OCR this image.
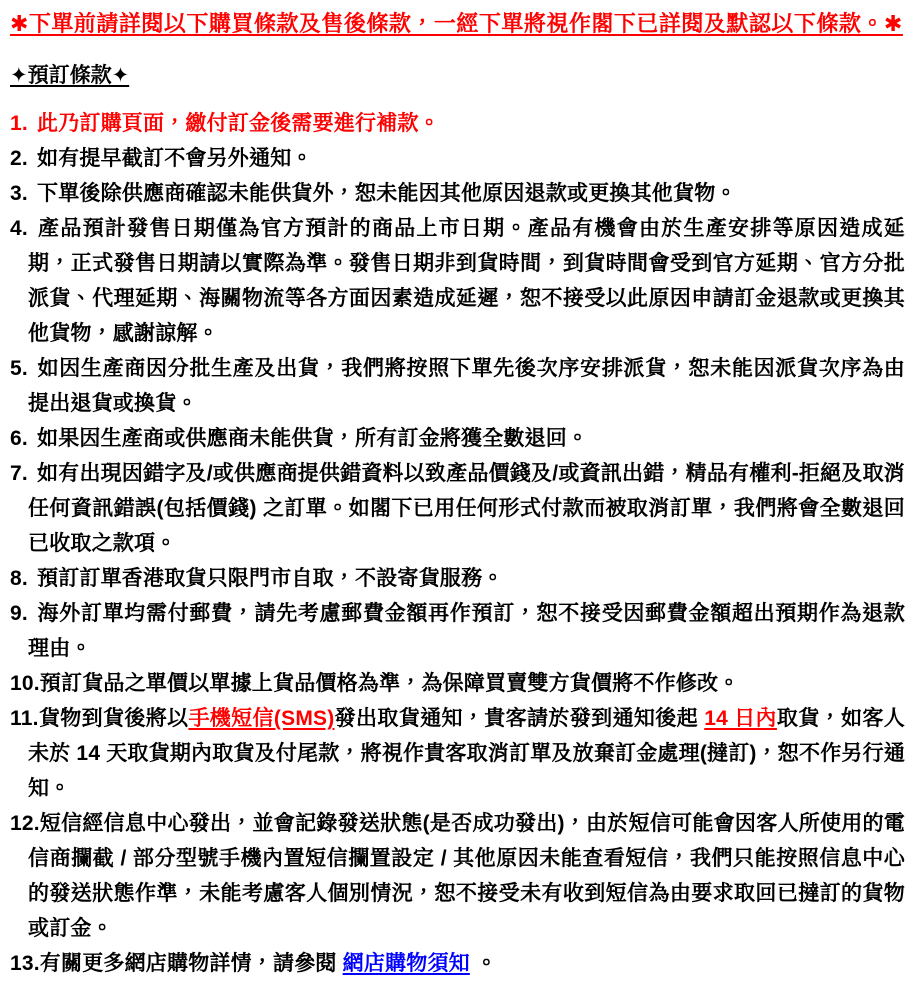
✱下單前請詳閱以下購買條款及售後條款，一經下單將視作閣下已詳閱及默認以下條款。✱
✦預訂條款✦
1. 此乃訂購頁面，繳付訂金後需要進行補款。
2. 如有提早截訂不會另外通知。
3. 下單後除供應商確認未能供貨外，恕未能因其他原因退款或更換其他貨物。
4. 產品預計發售日期僅為官方預計的商品上市日期。產品有機會由於生產安排等原因造成延期，正式發售日期請以實際為準。發售日期非到貨時間，到貨時間會受到官方延期、官方分批派貨、代理延期、海關物流等各方面因素造成延遲，恕不接受以此原因申請訂金退款或更換其他貨物，感謝諒解。
5. 如因生產商因分批生產及出貨，我們將按照下單先後次序安排派貨，恕未能因派貨次序為由提出退貨或換貨。
6. 如果因生產商或供應商未能供貨，所有訂金將獲全數退回。
7. 如有出現因錯字及/或供應商提供錯資料以致產品價錢及/或資訊出錯，精品有權利-拒絕及取消任何資訊錯誤(包括價錢) 之訂單。如閣下已用任何形式付款而被取消訂單，我們將會全數退回已收取之款項。
8. 預訂訂單香港取貨只限門市自取，不設寄貨服務。
9. 海外訂單均需付郵費，請先考慮郵費金額再作預訂，恕不接受因郵費金額超出預期作為退款理由。
10.預訂貨品之單價以單據上貨品價格為準，為保障買賣雙方貨價將不作修改。
11.貨物到貨後將以手機短信(SMS)發出取貨通知，貴客請於發到通知後起 14 日內取貨，如客人未於 14 天取貨期內取貨及付尾款，將視作貴客取消訂單及放棄訂金處理(撻訂)，恕不作另行通知。
12.短信經信息中心發出，並會記錄發送狀態(是否成功發出)，由於短信可能會因客人所使用的電信商攔截 / 部分型號手機內置短信攔置設定 / 其他原因未能查看短信，我們只能按照信息中心的發送狀態作準，未能考慮客人個別情況，恕不接受未有收到短信為由要求取回已撻訂的貨物或訂金。
13.有關更多網店購物詳情，請參閱 網店購物須知 。
